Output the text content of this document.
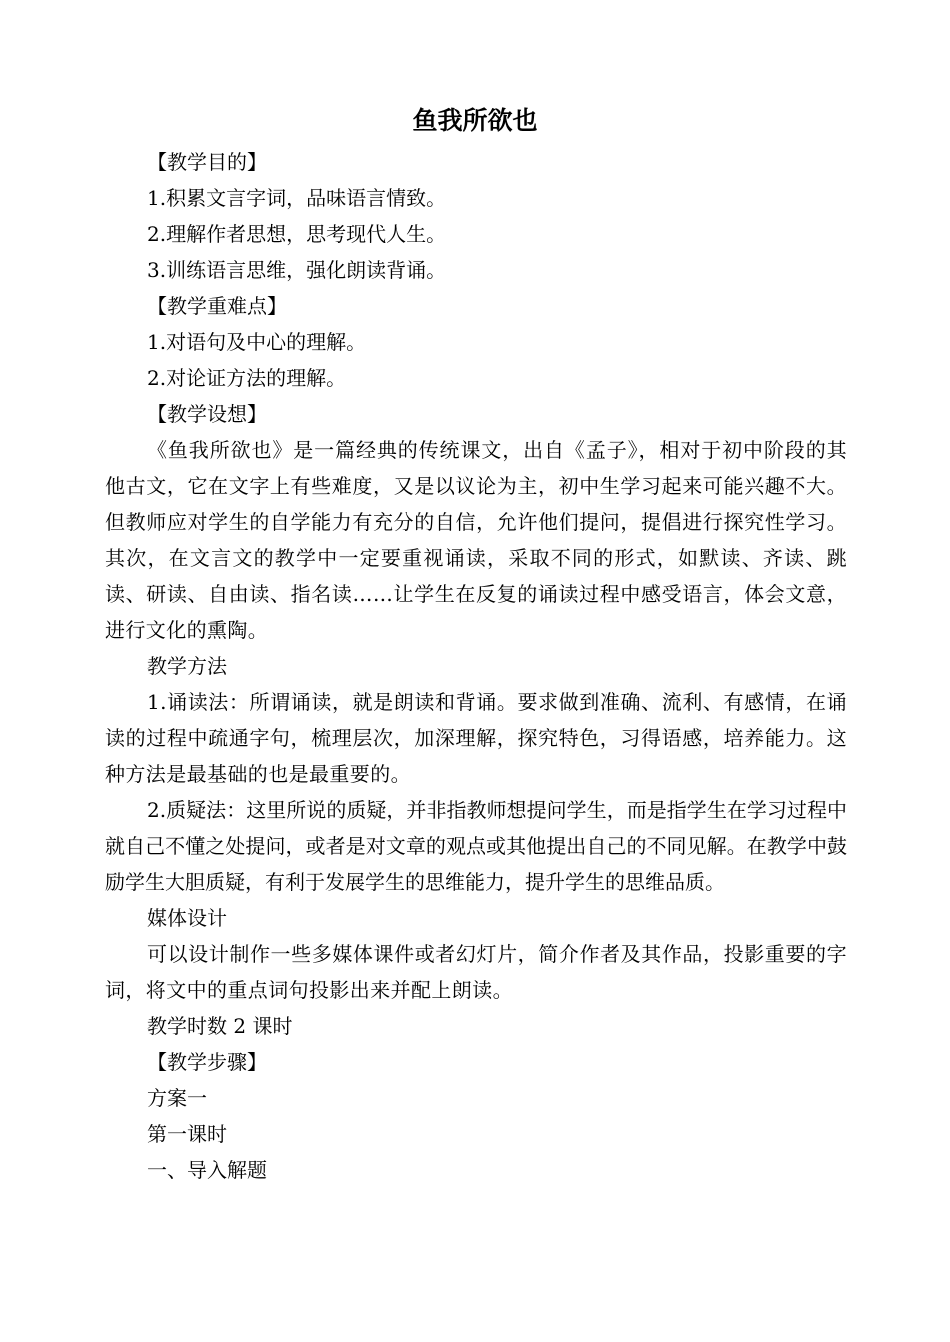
鱼我所欲也

【教学目的】

1.积累文言字词，品味语言情致。

2.理解作者思想，思考现代人生。

3.训练语言思维，强化朗读背诵。

【教学重难点】

1.对语句及中心的理解。

2.对论证方法的理解。

【教学设想】

《鱼我所欲也》是一篇经典的传统课文，出自《孟子》，相对于初中阶段的其他古文，它在文字上有些难度，又是以议论为主，初中生学习起来可能兴趣不大。但教师应对学生的自学能力有充分的自信，允许他们提问，提倡进行探究性学习。其次，在文言文的教学中一定要重视诵读，采取不同的形式，如默读、齐读、跳读、研读、自由读、指名读……让学生在反复的诵读过程中感受语言，体会文意，进行文化的熏陶。

教学方法

1.诵读法：所谓诵读，就是朗读和背诵。要求做到准确、流利、有感情，在诵读的过程中疏通字句，梳理层次，加深理解，探究特色，习得语感，培养能力。这种方法是最基础的也是最重要的。

2.质疑法：这里所说的质疑，并非指教师想提问学生，而是指学生在学习过程中就自己不懂之处提问，或者是对文章的观点或其他提出自己的不同见解。在教学中鼓励学生大胆质疑，有利于发展学生的思维能力，提升学生的思维品质。

媒体设计

可以设计制作一些多媒体课件或者幻灯片，简介作者及其作品，投影重要的字词，将文中的重点词句投影出来并配上朗读。

教学时数 2 课时

【教学步骤】

方案一

第一课时

一、导入解题
